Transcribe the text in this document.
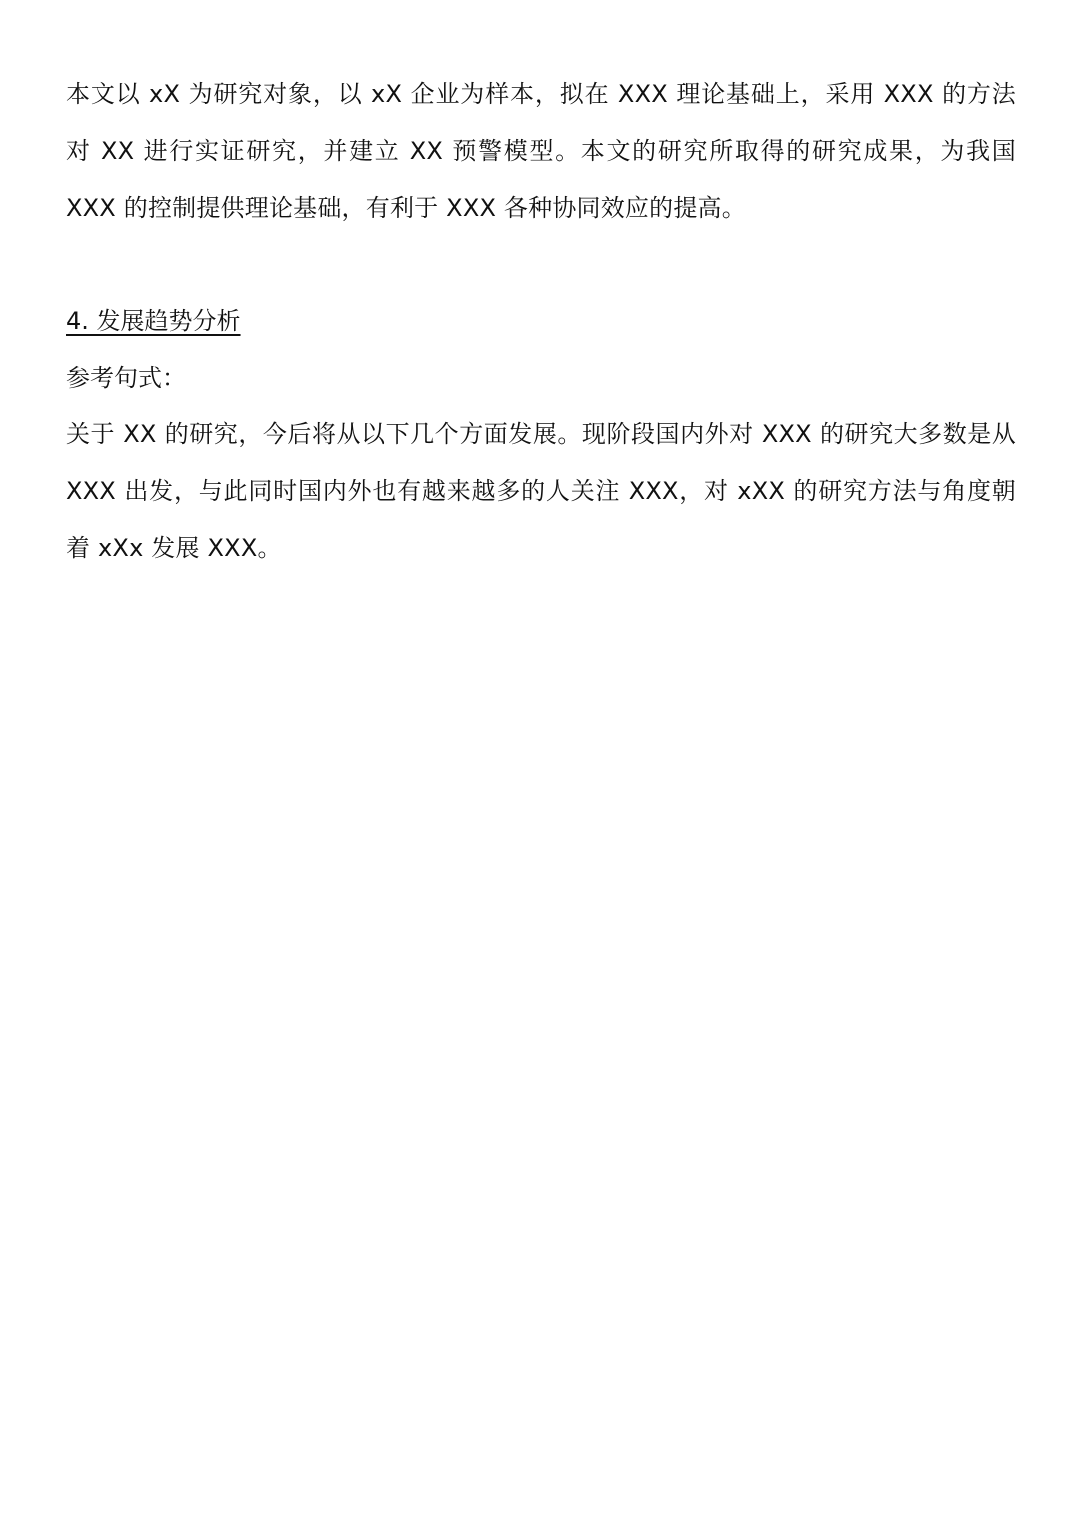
本文以 xX 为研究对象，以 xX 企业为样本，拟在 XXX 理论基础上，采用 XXX 的方法对 XX 进行实证研究，并建立 XX 预警模型。本文的研究所取得的研究成果，为我国 XXX 的控制提供理论基础，有利于 XXX 各种协同效应的提高。

4. 发展趋势分析

参考句式：

关于 XX 的研究，今后将从以下几个方面发展。现阶段国内外对 XXX 的研究大多数是从 XXX 出发，与此同时国内外也有越来越多的人关注 XXX，对 xXX 的研究方法与角度朝着 xXx 发展 XXX。
